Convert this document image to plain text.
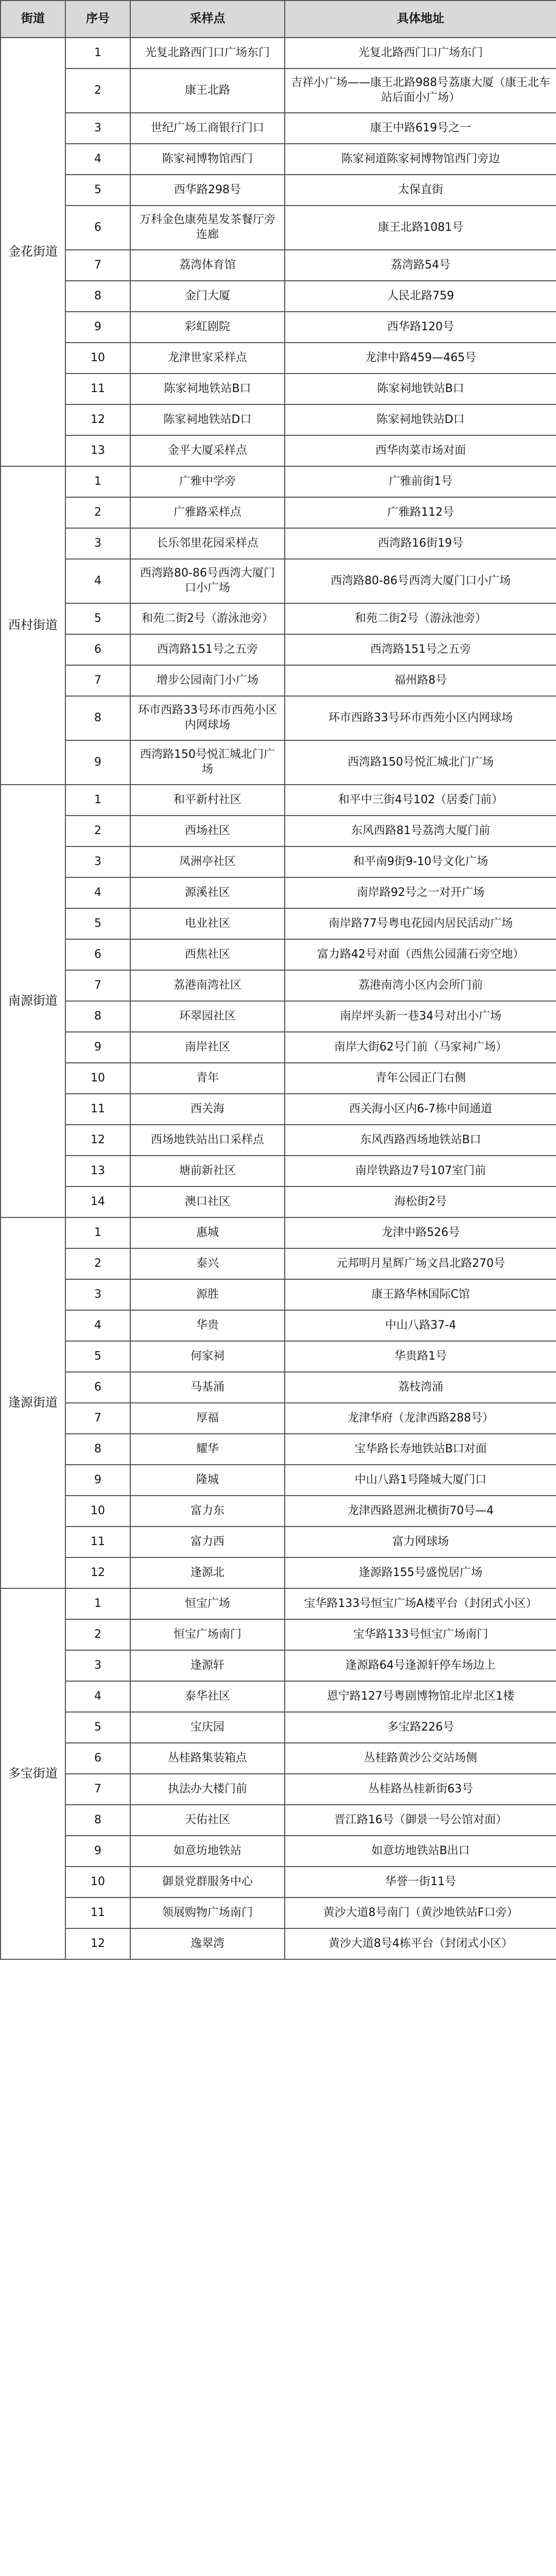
街道	序号	采样点	具体地址
金花街道	1	光复北路西门口广场东门	光复北路西门口广场东门
	2	康王北路	吉祥小广场——康王北路988号荔康大厦（康王北车站后面小广场）
	3	世纪广场工商银行门口	康王中路619号之一
	4	陈家祠博物馆西门	陈家祠道陈家祠博物馆西门旁边
	5	西华路298号	太保直街
	6	万科金色康苑星发茶餐厅旁连廊	康王北路1081号
	7	荔湾体育馆	荔湾路54号
	8	金门大厦	人民北路759
	9	彩虹剧院	西华路120号
	10	龙津世家采样点	龙津中路459—465号
	11	陈家祠地铁站B口	陈家祠地铁站B口
	12	陈家祠地铁站D口	陈家祠地铁站D口
	13	金平大厦采样点	西华肉菜市场对面
西村街道	1	广雅中学旁	广雅前街1号
	2	广雅路采样点	广雅路112号
	3	长乐邻里花园采样点	西湾路16街19号
	4	西湾路80-86号西湾大厦门口小广场	西湾路80-86号西湾大厦门口小广场
	5	和苑二街2号（游泳池旁）	和苑二街2号（游泳池旁）
	6	西湾路151号之五旁	西湾路151号之五旁
	7	增步公园南门小广场	福州路8号
	8	环市西路33号环市西苑小区内网球场	环市西路33号环市西苑小区内网球场
	9	西湾路150号悦汇城北门广场	西湾路150号悦汇城北门广场
南源街道	1	和平新村社区	和平中三街4号102（居委门前）
	2	西场社区	东风西路81号荔湾大厦门前
	3	凤洲亭社区	和平南9街9-10号文化广场
	4	源溪社区	南岸路92号之一对开广场
	5	电业社区	南岸路77号粤电花园内居民活动广场
	6	西焦社区	富力路42号对面（西焦公园蒲石旁空地）
	7	荔港南湾社区	荔港南湾小区内会所门前
	8	环翠园社区	南岸坪头新一巷34号对出小广场
	9	南岸社区	南岸大街62号门前（马家祠广场）
	10	青年	青年公园正门右侧
	11	西关海	西关海小区内6-7栋中间通道
	12	西场地铁站出口采样点	东风西路西场地铁站B口
	13	塘前新社区	南岸铁路边7号107室门前
	14	澳口社区	海松街2号
逢源街道	1	惠城	龙津中路526号
	2	泰兴	元邦明月星辉广场文昌北路270号
	3	源胜	康王路华林国际C馆
	4	华贵	中山八路37-4
	5	何家祠	华贵路1号
	6	马基涌	荔枝湾涌
	7	厚福	龙津华府（龙津西路288号）
	8	耀华	宝华路长寿地铁站B口对面
	9	隆城	中山八路1号隆城大厦门口
	10	富力东	龙津西路恩洲北横街70号—4
	11	富力西	富力网球场
	12	逢源北	逢源路155号盛悦居广场
多宝街道	1	恒宝广场	宝华路133号恒宝广场A楼平台（封闭式小区）
	2	恒宝广场南门	宝华路133号恒宝广场南门
	3	逢源轩	逢源路64号逢源轩停车场边上
	4	泰华社区	恩宁路127号粤剧博物馆北岸北区1楼
	5	宝庆园	多宝路226号
	6	丛桂路集装箱点	丛桂路黄沙公交站场侧
	7	执法办大楼门前	丛桂路丛桂新街63号
	8	天佑社区	晋江路16号（御景一号公馆对面）
	9	如意坊地铁站	如意坊地铁站B出口
	10	御景党群服务中心	华誉一街11号
	11	领展购物广场南门	黄沙大道8号南门（黄沙地铁站F口旁）
	12	逸翠湾	黄沙大道8号4栋平台（封闭式小区）
